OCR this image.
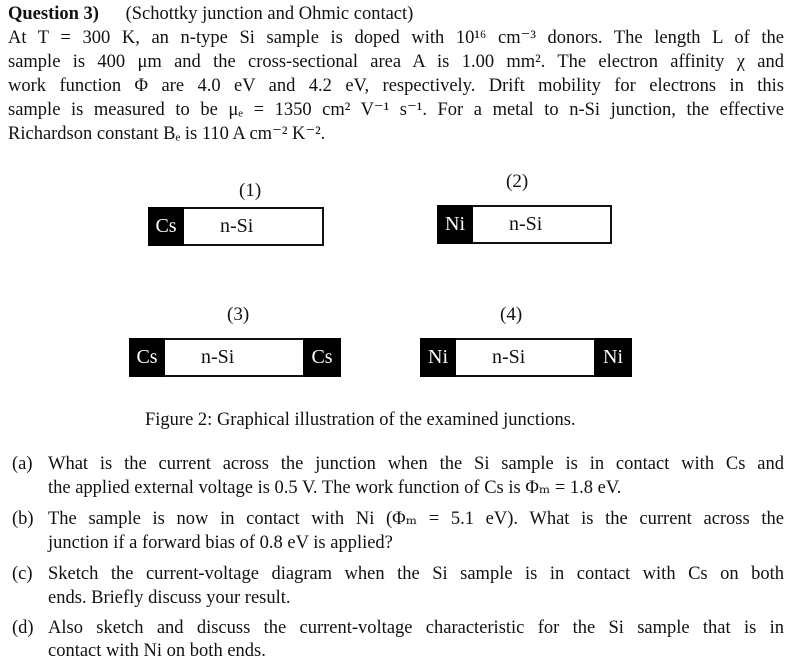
Question 3) (Schottky junction and Ohmic contact)
At T = 300 K, an n-type Si sample is doped with 10¹⁶ cm⁻³ donors. The length L of the
sample is 400 μm and the cross-sectional area A is 1.00 mm². The electron affinity χ and
work function Φ are 4.0 eV and 4.2 eV, respectively. Drift mobility for electrons in this
sample is measured to be μₑ = 1350 cm² V⁻¹ s⁻¹. For a metal to n-Si junction, the effective
Richardson constant Bₑ is 110 A cm⁻² K⁻².
(1)
Cs	n-Si
(2)
Ni	n-Si
(3)
Cs	n-Si	Cs
(4)
Ni	n-Si	Ni
Figure 2: Graphical illustration of the examined junctions.
(a) What is the current across the junction when the Si sample is in contact with Cs and
the applied external voltage is 0.5 V. The work function of Cs is Φₘ = 1.8 eV.
(b) The sample is now in contact with Ni (Φₘ = 5.1 eV). What is the current across the
junction if a forward bias of 0.8 eV is applied?
(c) Sketch the current-voltage diagram when the Si sample is in contact with Cs on both
ends. Briefly discuss your result.
(d) Also sketch and discuss the current-voltage characteristic for the Si sample that is in
contact with Ni on both ends.
